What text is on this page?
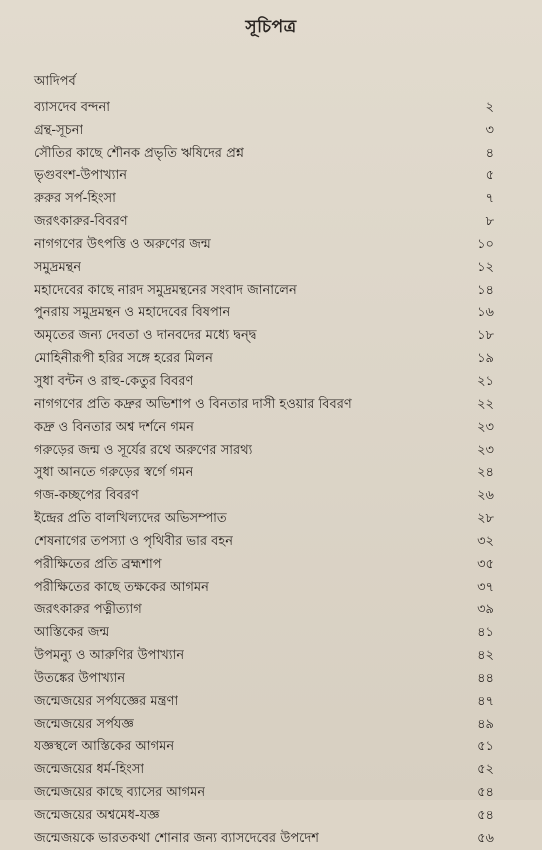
সূচিপত্র
আদিপর্ব
ব্যাসদেব বন্দনা	২
গ্রন্থ-সূচনা	৩
সৌতির কাছে শৌনক প্রভৃতি ঋষিদের প্রশ্ন	৪
ভৃগুবংশ-উপাখ্যান	৫
রুরুর সর্প-হিংসা	৭
জরৎকারুর-বিবরণ	৮
নাগগণের উৎপত্তি ও অরুণের জন্ম	১০
সমুদ্রমন্থন	১২
মহাদেবের কাছে নারদ সমুদ্রমন্থনের সংবাদ জানালেন	১৪
পুনরায় সমুদ্রমন্থন ও মহাদেবের বিষপান	১৬
অমৃতের জন্য দেবতা ও দানবদের মধ্যে দ্বন্দ্ব	১৮
মোহিনীরূপী হরির সঙ্গে হরের মিলন	১৯
সুধা বন্টন ও রাহু-কেতুর বিবরণ	২১
নাগগণের প্রতি কদ্রুর অভিশাপ ও বিনতার দাসী হওয়ার বিবরণ	২২
কদ্রু ও বিনতার অশ্ব দর্শনে গমন	২৩
গরুড়ের জন্ম ও সূর্যের রথে অরুণের সারথ্য	২৩
সুধা আনতে গরুড়ের স্বর্গে গমন	২৪
গজ-কচ্ছপের বিবরণ	২৬
ইন্দ্রের প্রতি বালখিল্যদের অভিসম্পাত	২৮
শেষনাগের তপস্যা ও পৃথিবীর ভার বহন	৩২
পরীক্ষিতের প্রতি ব্রহ্মশাপ	৩৫
পরীক্ষিতের কাছে তক্ষকের আগমন	৩৭
জরৎকারুর পত্নীত্যাগ	৩৯
আস্তিকের জন্ম	৪১
উপমন্যু ও আরুণির উপাখ্যান	৪২
উতঙ্কের উপাখ্যান	৪৪
জন্মেজয়ের সর্পযজ্ঞের মন্ত্রণা	৪৭
জন্মেজয়ের সর্পযজ্ঞ	৪৯
যজ্ঞস্থলে আস্তিকের আগমন	৫১
জন্মেজয়ের ধর্ম-হিংসা	৫২
জন্মেজয়ের কাছে ব্যাসের আগমন	৫৪
জন্মেজয়ের অশ্বমেধ-যজ্ঞ	৫৪
জন্মেজয়কে ভারতকথা শোনার জন্য ব্যাসদেবের উপদেশ	৫৬
